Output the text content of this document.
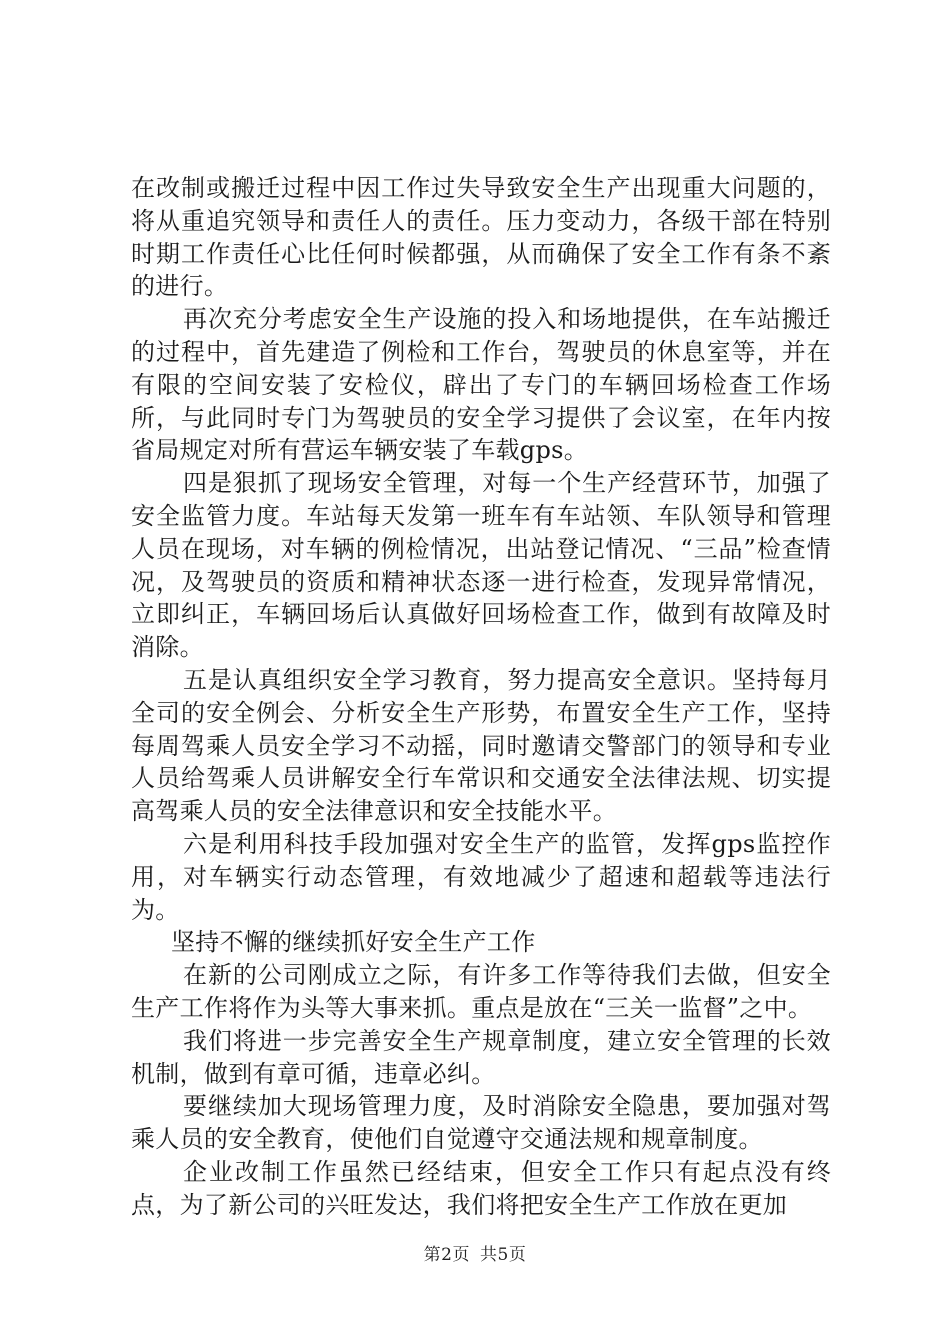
在改制或搬迁过程中因工作过失导致安全生产出现重大问题的，将从重追究领导和责任人的责任。压力变动力，各级干部在特别时期工作责任心比任何时候都强，从而确保了安全工作有条不紊的进行。

再次充分考虑安全生产设施的投入和场地提供，在车站搬迁的过程中，首先建造了例检和工作台，驾驶员的休息室等，并在有限的空间安装了安检仪，辟出了专门的车辆回场检查工作场所，与此同时专门为驾驶员的安全学习提供了会议室，在年内按省局规定对所有营运车辆安装了车载gps。

四是狠抓了现场安全管理，对每一个生产经营环节，加强了安全监管力度。车站每天发第一班车有车站领、车队领导和管理人员在现场，对车辆的例检情况，出站登记情况、“三品”检查情况，及驾驶员的资质和精神状态逐一进行检查，发现异常情况，立即纠正，车辆回场后认真做好回场检查工作，做到有故障及时消除。

五是认真组织安全学习教育，努力提高安全意识。坚持每月全司的安全例会、分析安全生产形势，布置安全生产工作，坚持每周驾乘人员安全学习不动摇，同时邀请交警部门的领导和专业人员给驾乘人员讲解安全行车常识和交通安全法律法规、切实提高驾乘人员的安全法律意识和安全技能水平。

六是利用科技手段加强对安全生产的监管，发挥gps监控作用，对车辆实行动态管理，有效地减少了超速和超载等违法行为。

坚持不懈的继续抓好安全生产工作

在新的公司刚成立之际，有许多工作等待我们去做，但安全生产工作将作为头等大事来抓。重点是放在“三关一监督”之中。

我们将进一步完善安全生产规章制度，建立安全管理的长效机制，做到有章可循，违章必纠。

要继续加大现场管理力度，及时消除安全隐患，要加强对驾乘人员的安全教育，使他们自觉遵守交通法规和规章制度。

企业改制工作虽然已经结束，但安全工作只有起点没有终点，为了新公司的兴旺发达，我们将把安全生产工作放在更加

第2页 共5页
